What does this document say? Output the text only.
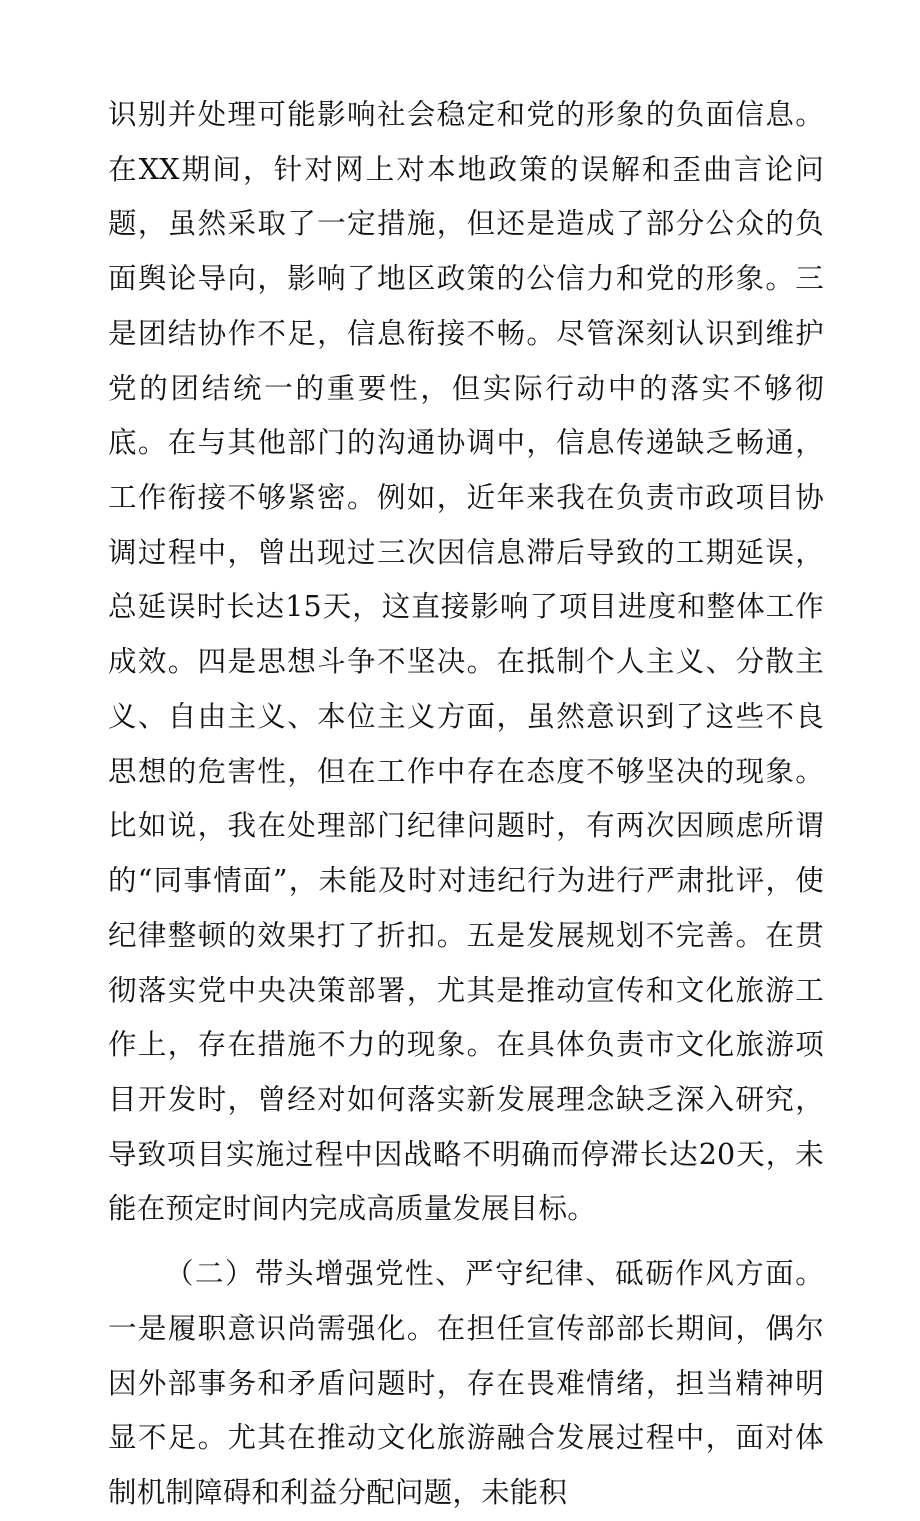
识别并处理可能影响社会稳定和党的形象的负面信息。在XX期间，针对网上对本地政策的误解和歪曲言论问题，虽然采取了一定措施，但还是造成了部分公众的负面舆论导向，影响了地区政策的公信力和党的形象。三是团结协作不足，信息衔接不畅。尽管深刻认识到维护党的团结统一的重要性，但实际行动中的落实不够彻底。在与其他部门的沟通协调中，信息传递缺乏畅通，工作衔接不够紧密。例如，近年来我在负责市政项目协调过程中，曾出现过三次因信息滞后导致的工期延误，总延误时长达15天，这直接影响了项目进度和整体工作成效。四是思想斗争不坚决。在抵制个人主义、分散主义、自由主义、本位主义方面，虽然意识到了这些不良思想的危害性，但在工作中存在态度不够坚决的现象。比如说，我在处理部门纪律问题时，有两次因顾虑所谓的“同事情面”，未能及时对违纪行为进行严肃批评，使纪律整顿的效果打了折扣。五是发展规划不完善。在贯彻落实党中央决策部署，尤其是推动宣传和文化旅游工作上，存在措施不力的现象。在具体负责市文化旅游项目开发时，曾经对如何落实新发展理念缺乏深入研究，导致项目实施过程中因战略不明确而停滞长达20天，未能在预定时间内完成高质量发展目标。

（二）带头增强党性、严守纪律、砥砺作风方面。一是履职意识尚需强化。在担任宣传部部长期间，偶尔因外部事务和矛盾问题时，存在畏难情绪，担当精神明显不足。尤其在推动文化旅游融合发展过程中，面对体制机制障碍和利益分配问题，未能积
